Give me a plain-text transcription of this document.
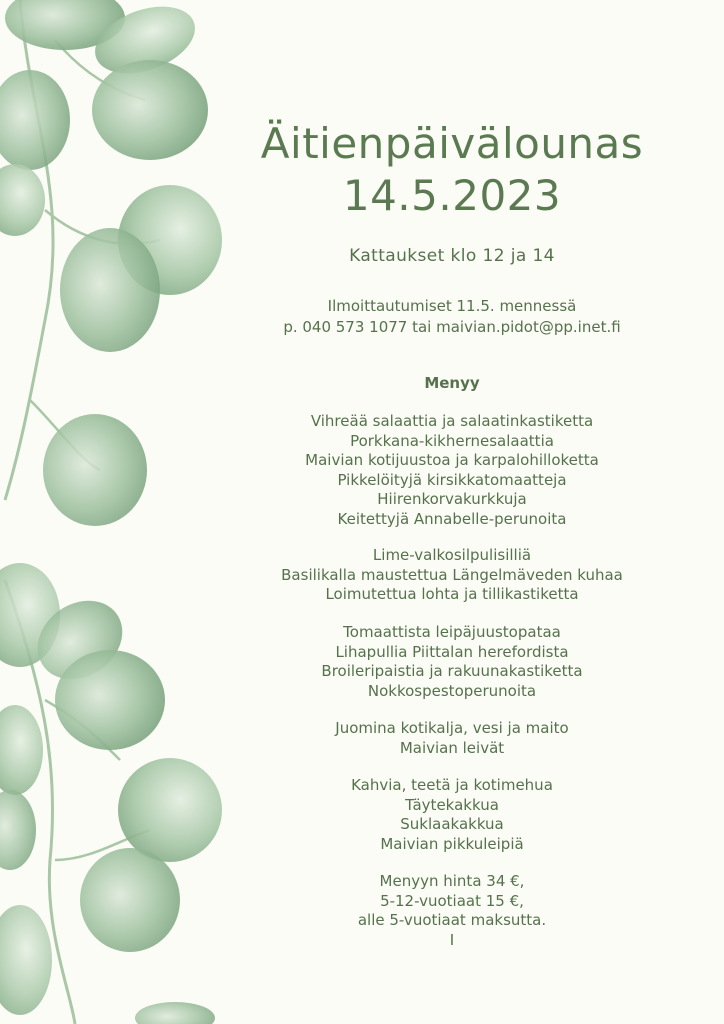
Äitienpäivälounas
14.5.2023
Kattaukset klo 12 ja 14
Ilmoittautumiset 11.5. mennessä
p. 040 573 1077 tai maivian.pidot@pp.inet.fi
Menyy
Vihreää salaattia ja salaatinkastiketta
Porkkana-kikhernesalaattia
Maivian kotijuustoa ja karpalohilloketta
Pikkelöityjä kirsikkatomaatteja
Hiirenkorvakurkkuja
Keitettyjä Annabelle-perunoita
Lime-valkosilpulisilliä
Basilikalla maustettua Längelmäveden kuhaa
Loimutettua lohta ja tillikastiketta
Tomaattista leipäjuustopataa
Lihapullia Piittalan herefordista
Broileripaistia ja rakuunakastiketta
Nokkospestoperunoita
Juomina kotikalja, vesi ja maito
Maivian leivät
Kahvia, teetä ja kotimehua
Täytekakkua
Suklaakakkua
Maivian pikkuleipiä
Menyyn hinta 34 €,
5-12-vuotiaat 15 €,
alle 5-vuotiaat maksutta.
I
